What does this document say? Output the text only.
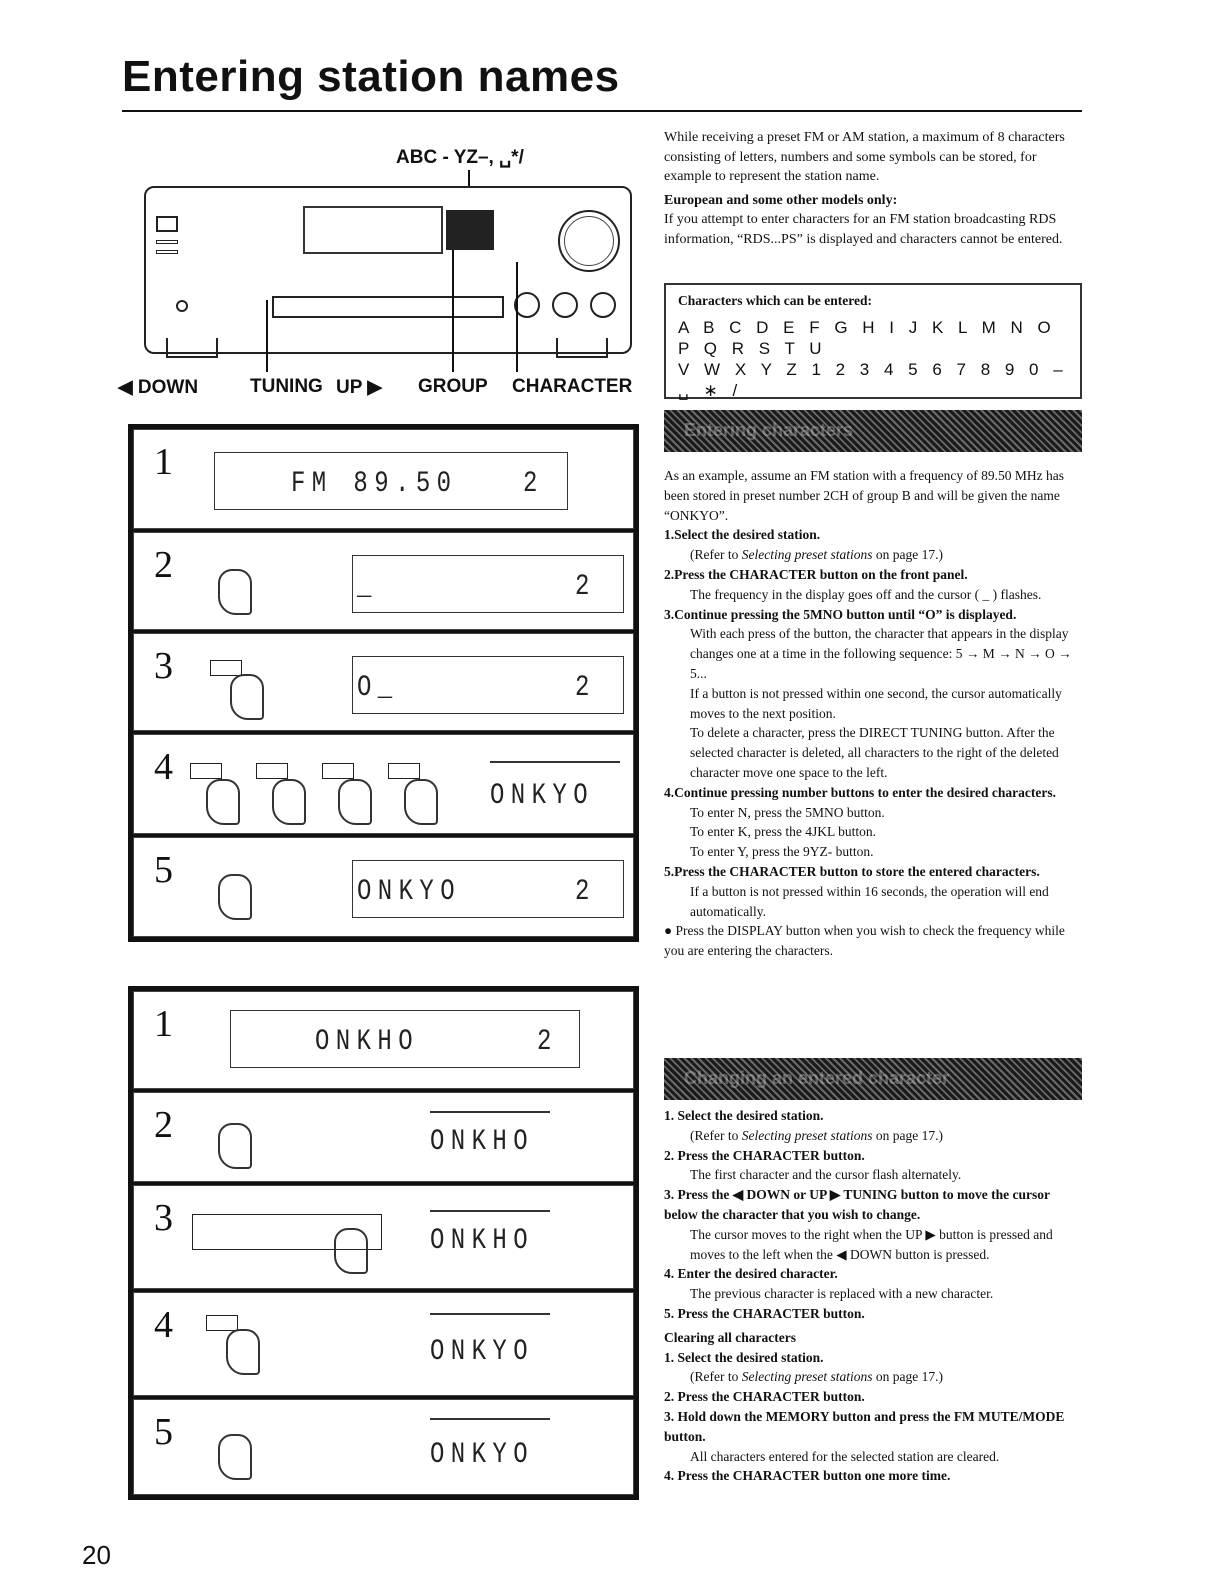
Entering station names
ABC - YZ–, ␣*/
◀ DOWN	TUNING UP ▶ GROUP CHARACTER

While receiving a preset FM or AM station, a maximum of 8 characters consisting of letters, numbers and some symbols can be stored, for example to represent the station name.

European and some other models only:

If you attempt to enter characters for an FM station broadcasting RDS information, “RDS...PS” is displayed and characters cannot be entered.

Characters which can be entered:
A B C D E F G H I J K L M N O P Q R S T U
V W X Y Z 1 2 3 4 5 6 7 8 9 0 – ␣ ∗ /
Entering characters

As an example, assume an FM station with a frequency of 89.50 MHz has been stored in preset number 2CH of group B and will be given the name “ONKYO”.

1.Select the desired station.

(Refer to Selecting preset stations on page 17.)

2.Press the CHARACTER button on the front panel.

The frequency in the display goes off and the cursor ( _ ) flashes.

3.Continue pressing the 5MNO button until “O” is displayed.

With each press of the button, the character that appears in the display changes one at a time in the following sequence: 5 → M → N → O → 5...

If a button is not pressed within one second, the cursor automatically moves to the next position.

To delete a character, press the DIRECT TUNING button. After the selected character is deleted, all characters to the right of the deleted character move one space to the left.

4.Continue pressing number buttons to enter the desired characters.

To enter N, press the 5MNO button.

To enter K, press the 4JKL button.

To enter Y, press the 9YZ- button.

5.Press the CHARACTER button to store the entered characters.

If a button is not pressed within 16 seconds, the operation will end automatically.

● Press the DISPLAY button when you wish to check the frequency while you are entering the characters.

Changing an entered character

1. Select the desired station.

(Refer to Selecting preset stations on page 17.)

2. Press the CHARACTER button.

The first character and the cursor flash alternately.

3. Press the ◀ DOWN or UP ▶ TUNING button to move the cursor below the character that you wish to change.

The cursor moves to the right when the UP ▶ button is pressed and moves to the left when the ◀ DOWN button is pressed.

4. Enter the desired character.

The previous character is replaced with a new character.

5. Press the CHARACTER button.

Clearing all characters

1. Select the desired station.

(Refer to Selecting preset stations on page 17.)

2. Press the CHARACTER button.

3. Hold down the MEMORY button and press the FM MUTE/MODE button.

All characters entered for the selected station are cleared.

4. Press the CHARACTER button one more time.

1
FM 89.50 2
2
_	2
3
O_	2
4
ONKYO
5
ONKYO	2
1	ONKHO	2
2	ONKHO
3
ONKHO
4
ONKYO
5
ONKYO
20
